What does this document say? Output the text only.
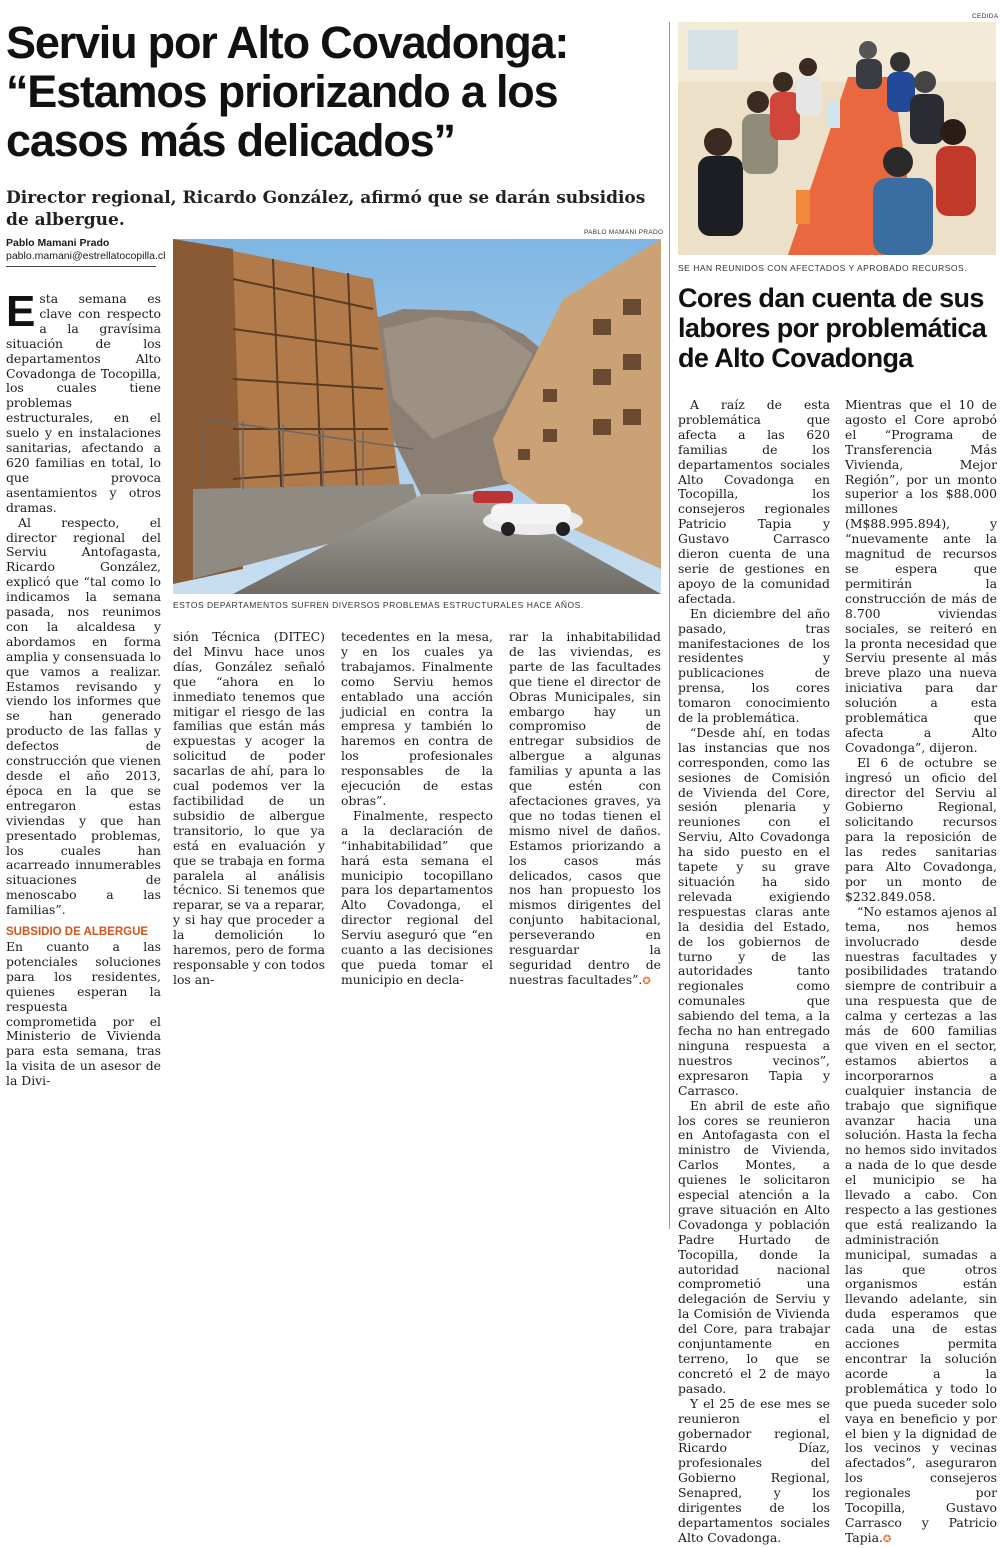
Serviu por Alto Covadonga: “Estamos priorizando a los casos más delicados”
Director regional, Ricardo González, afirmó que se darán subsidios de albergue.
Pablo Mamani Prado
pablo.mamani@estrellatocopilla.cl
PABLO MAMANI PRADO
ESTOS DEPARTAMENTOS SUFREN DIVERSOS PROBLEMAS ESTRUCTURALES HACE AÑOS.

Esta semana es clave con respecto a la gravísima situación de los departamentos Alto Covadonga de Tocopilla, los cuales tiene problemas estructurales, en el suelo y en instalaciones sanitarias, afectando a 620 familias en total, lo que provoca asentamientos y otros dramas.

Al respecto, el director regional del Serviu Antofagasta, Ricardo González, explicó que “tal como lo indicamos la semana pasada, nos reunimos con la alcaldesa y abordamos en forma amplia y consensuada lo que vamos a realizar. Estamos revisando y viendo los informes que se han generado producto de las fallas y defectos de construcción que vienen desde el año 2013, época en la que se entregaron estas viviendas y que han presentado problemas, los cuales han acarreado innumerables situaciones de menoscabo a las familias”.

SUBSIDIO DE ALBERGUE

En cuanto a las potenciales soluciones para los residentes, quienes esperan la respuesta comprometida por el Ministerio de Vivienda para esta semana, tras la visita de un asesor de la Divi-

sión Técnica (DITEC) del Minvu hace unos días, González señaló que “ahora en lo inmediato tenemos que mitigar el riesgo de las familias que están más expuestas y acoger la solicitud de poder sacarlas de ahí, para lo cual podemos ver la factibilidad de un subsidio de albergue transitorio, lo que ya está en evaluación y que se trabaja en forma paralela al análisis técnico. Si tenemos que reparar, se va a reparar, y si hay que proceder a la demolición lo haremos, pero de forma responsable y con todos los an-

tecedentes en la mesa, y en los cuales ya trabajamos. Finalmente como Serviu hemos entablado una acción judicial en contra la empresa y también lo haremos en contra de los profesionales responsables de la ejecución de estas obras”.

Finalmente, respecto a la declaración de “inhabitabilidad” que hará esta semana el municipio tocopillano para los departamentos Alto Covadonga, el director regional del Serviu aseguró que “en cuanto a las decisiones que pueda tomar el municipio en decla-

rar la inhabitabilidad de las viviendas, es parte de las facultades que tiene el director de Obras Municipales, sin embargo hay un compromiso de entregar subsidios de albergue a algunas familias y apunta a las que estén con afectaciones graves, ya que no todas tienen el mismo nivel de daños. Estamos priorizando a los casos más delicados, casos que nos han propuesto los mismos dirigentes del conjunto habitacional, perseverando en resguardar la seguridad dentro de nuestras facultades”.✪

CEDIDA
SE HAN REUNIDOS CON AFECTADOS Y APROBADO RECURSOS.
Cores dan cuenta de sus labores por problemática de Alto Covadonga

A raíz de esta problemática que afecta a las 620 familias de los departamentos sociales Alto Covadonga en Tocopilla, los consejeros regionales Patricio Tapia y Gustavo Carrasco dieron cuenta de una serie de gestiones en apoyo de la comunidad afectada.

En diciembre del año pasado, tras manifestaciones de los residentes y publicaciones de prensa, los cores tomaron conocimiento de la problemática.

“Desde ahí, en todas las instancias que nos corresponden, como las sesiones de Comisión de Vivienda del Core, sesión plenaria y reuniones con el Serviu, Alto Covadonga ha sido puesto en el tapete y su grave situación ha sido relevada exigiendo respuestas claras ante la desidia del Estado, de los gobiernos de turno y de las autoridades tanto regionales como comunales que sabiendo del tema, a la fecha no han entregado ninguna respuesta a nuestros vecinos”, expresaron Tapia y Carrasco.

En abril de este año los cores se reunieron en Antofagasta con el ministro de Vivienda, Carlos Montes, a quienes le solicitaron especial atención a la grave situación en Alto Covadonga y población Padre Hurtado de Tocopilla, donde la autoridad nacional comprometió una delegación de Serviu y la Comisión de Vivienda del Core, para trabajar conjuntamente en terreno, lo que se concretó el 2 de mayo pasado.

Y el 25 de ese mes se reunieron el gobernador regional, Ricardo Díaz, profesionales del Gobierno Regional, Senapred, y los dirigentes de los departamentos sociales Alto Covadonga.

Mientras que el 10 de agosto el Core aprobó el “Programa de Transferencia Más Vivienda, Mejor Región”, por un monto superior a los $88.000 millones (M$88.995.894), y “nuevamente ante la magnitud de recursos se espera que permitirán la construcción de más de 8.700 viviendas sociales, se reiteró en la pronta necesidad que Serviu presente al más breve plazo una nueva iniciativa para dar solución a esta problemática que afecta a Alto Covadonga”, dijeron.

El 6 de octubre se ingresó un oficio del director del Serviu al Gobierno Regional, solicitando recursos para la reposición de las redes sanitarias para Alto Covadonga, por un monto de $232.849.058.

“No estamos ajenos al tema, nos hemos involucrado desde nuestras facultades y posibilidades tratando siempre de contribuir a una respuesta que de calma y certezas a las más de 600 familias que viven en el sector, estamos abiertos a incorporarnos a cualquier instancia de trabajo que signifique avanzar hacia una solución. Hasta la fecha no hemos sido invitados a nada de lo que desde el municipio se ha llevado a cabo. Con respecto a las gestiones que está realizando la administración municipal, sumadas a las que otros organismos están llevando adelante, sin duda esperamos que cada una de estas acciones permita encontrar la solución acorde a la problemática y todo lo que pueda suceder solo vaya en beneficio y por el bien y la dignidad de los vecinos y vecinas afectados”, aseguraron los consejeros regionales por Tocopilla, Gustavo Carrasco y Patricio Tapia.✪
